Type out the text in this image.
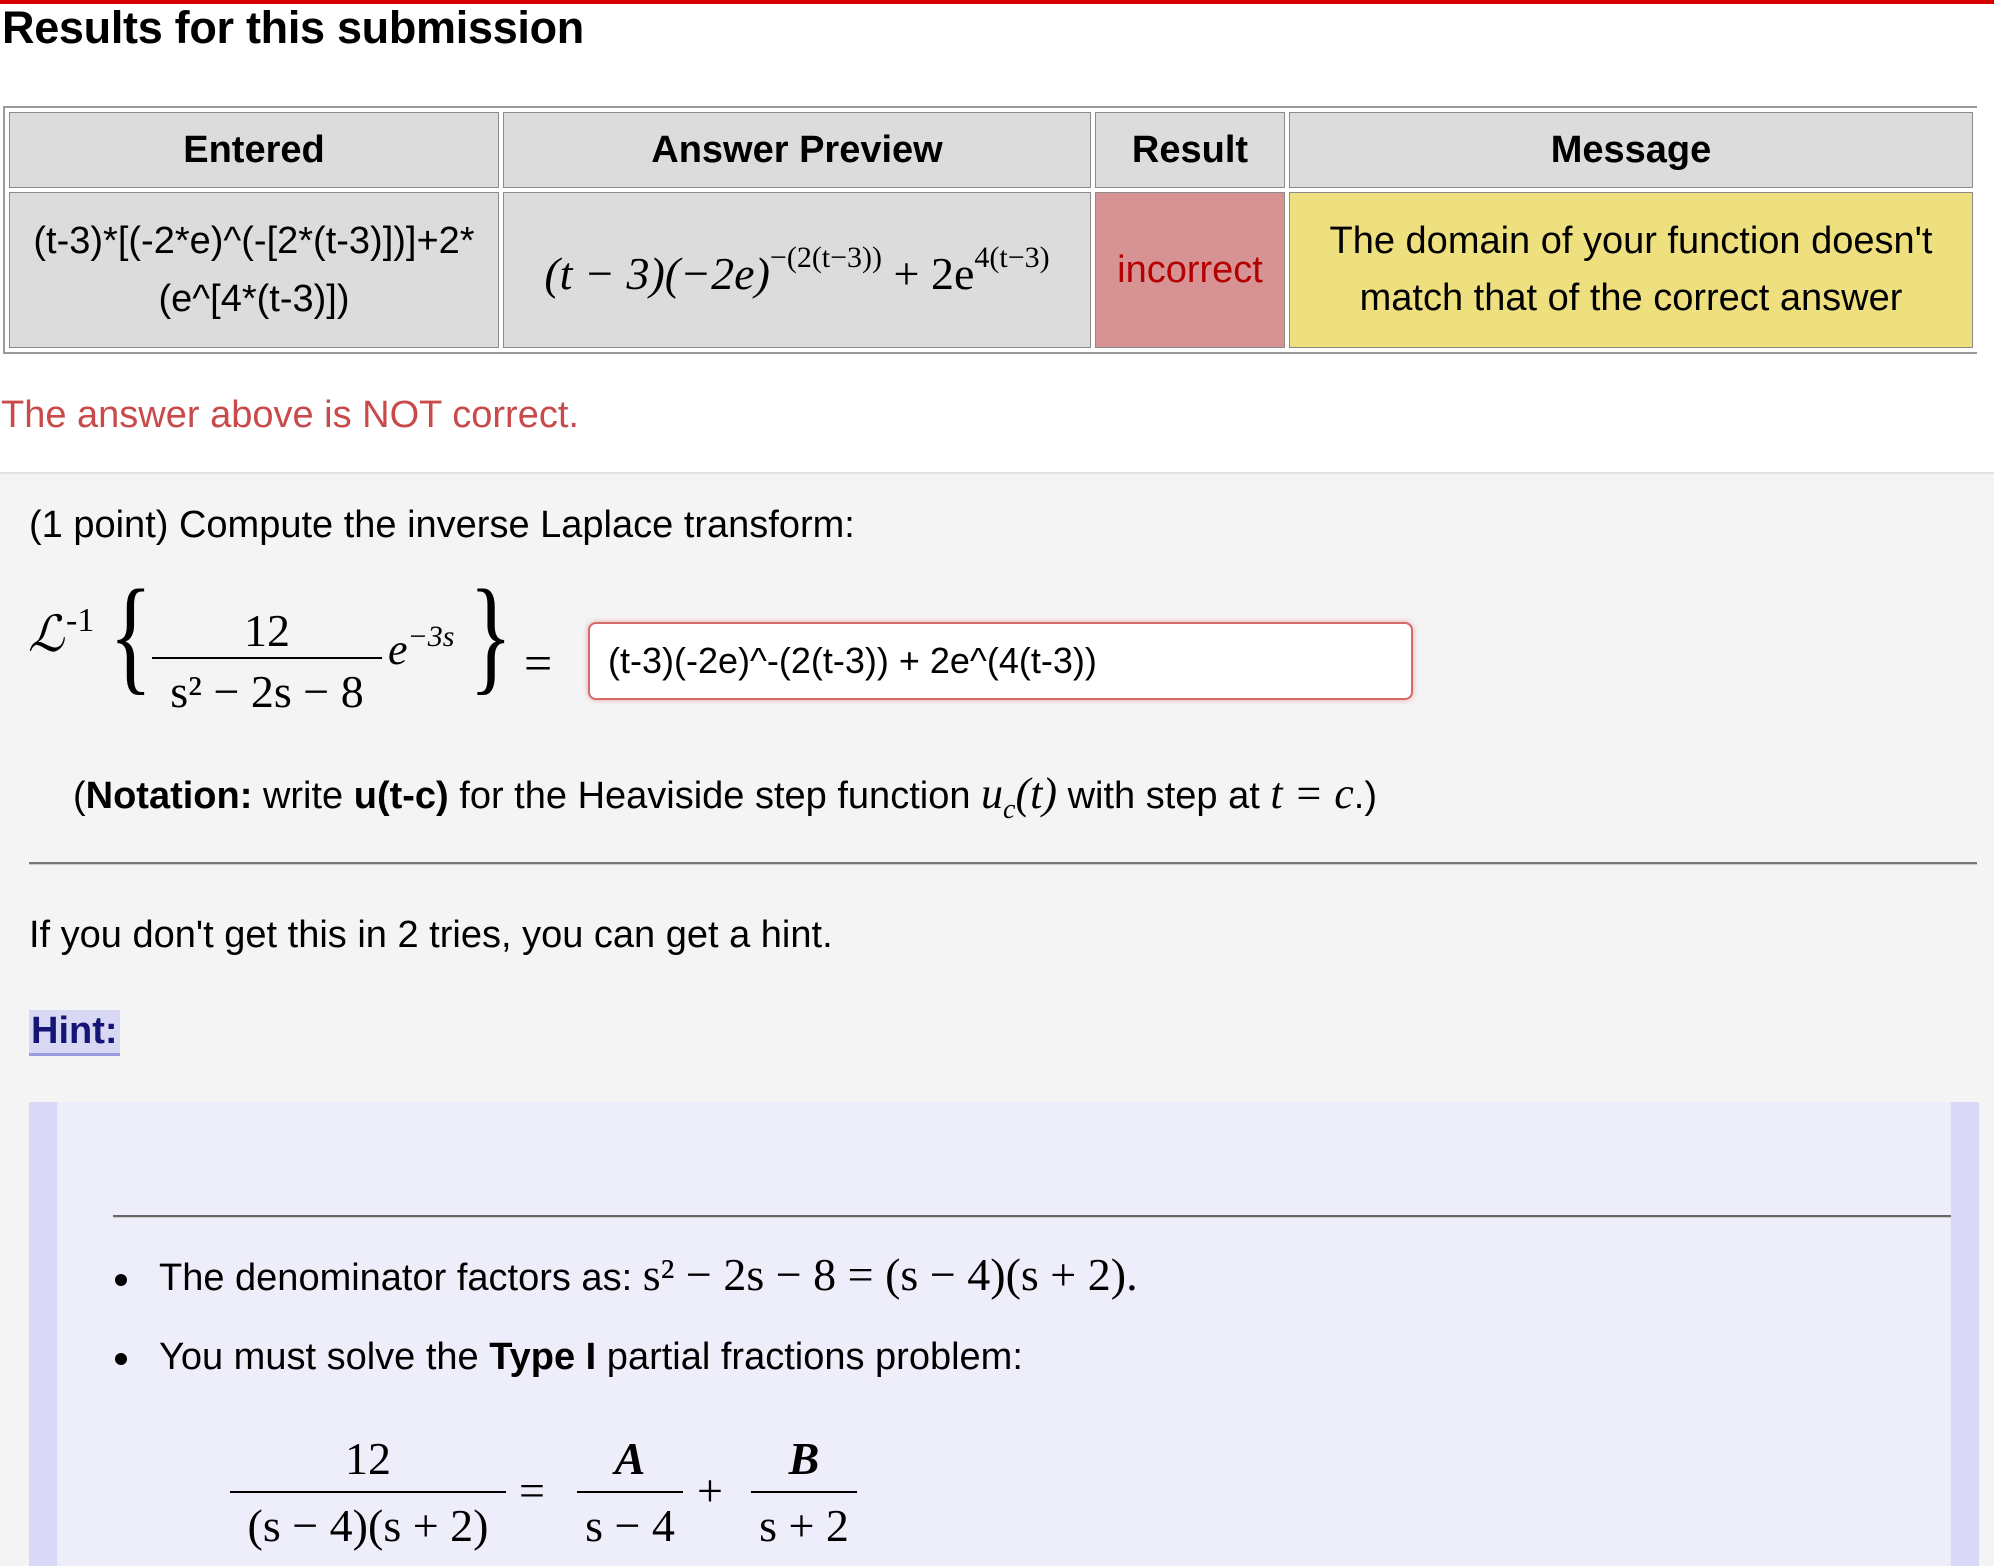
Results for this submission
Entered	Answer Preview	Result	Message
(t-3)*[(-2*e)^(-[2*(t-3)])]+2*
(e^[4*(t-3)])	$(t - 3)(-2e)^{-(2(t-3))} + 2e^{4(t-3)}$	incorrect	The domain of your function doesn't
match that of the correct answer
The answer above is NOT correct.
(1 point) Compute the inverse Laplace transform:
ℒ$^{-1}$ { $\frac{12}{\text{s² − 2s − 8}} e^{-3s}$ } =	(t-3)(-2e)^-(2(t-3)) + 2e^(4(t-3))
(Notation: write u(t-c) for the Heaviside step function $u_c(t)$ with step at t = c.)
If you don't get this in 2 tries, you can get a hint.
Hint:
The denominator factors as: s² − 2s − 8 = (s − 4)(s + 2).
You must solve the Type I partial fractions problem:
$\frac{12}{(s - 4)(s + 2)} = \frac{A}{s - 4} + \frac{B}{s + 2}$
